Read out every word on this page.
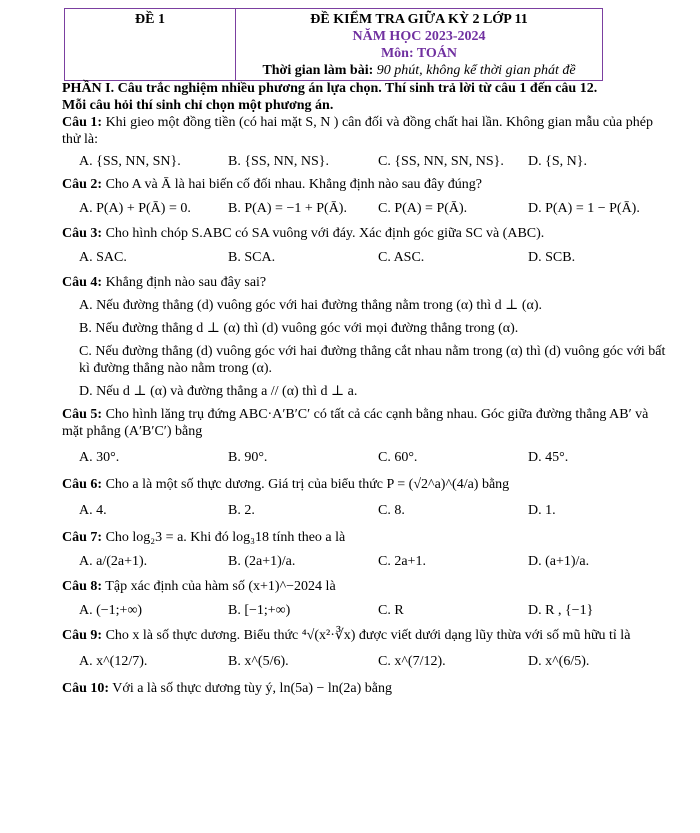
ĐỀ 1	ĐỀ KIỂM TRA GIỮA KỲ 2 LỚP 11
NĂM HỌC 2023-2024
Môn: TOÁN
Thời gian làm bài: 90 phút, không kể thời gian phát đề

PHẦN I. Câu trắc nghiệm nhiều phương án lựa chọn. Thí sinh trả lời từ câu 1 đến câu 12.

Mỗi câu hỏi thí sinh chỉ chọn một phương án.

Câu 1: Khi gieo một đồng tiền (có hai mặt S, N ) cân đối và đồng chất hai lần. Không gian mẫu của phép thử là:

A. {SS, NN, SN}.	B. {SS, NN, NS}.	C. {SS, NN, SN, NS}. D. {S, N}.

Câu 2: Cho A và Ā là hai biến cố đối nhau. Khẳng định nào sau đây đúng?

A. P(A) + P(Ā) = 0.	B. P(A) = −1 + P(Ā). C. P(A) = P(Ā).	D. P(A) = 1 − P(Ā).

Câu 3: Cho hình chóp S.ABC có SA vuông với đáy. Xác định góc giữa SC và (ABC).

A. SAC.	B. SCA.	C. ASC.	D. SCB.

Câu 4: Khẳng định nào sau đây sai?

A. Nếu đường thẳng (d) vuông góc với hai đường thẳng nằm trong (α) thì d ⊥ (α).

B. Nếu đường thẳng d ⊥ (α) thì (d) vuông góc với mọi đường thẳng trong (α).

C. Nếu đường thẳng (d) vuông góc với hai đường thẳng cắt nhau nằm trong (α) thì (d) vuông góc với bất kì đường thẳng nào nằm trong (α).

D. Nếu d ⊥ (α) và đường thẳng a // (α) thì d ⊥ a.

Câu 5: Cho hình lăng trụ đứng ABC·A′B′C′ có tất cả các cạnh bằng nhau. Góc giữa đường thẳng AB′ và mặt phẳng (A′B′C′) bằng

A. 30°.	B. 90°.	C. 60°.	D. 45°.

Câu 6: Cho a là một số thực dương. Giá trị của biểu thức P = (√2^a)^(4/a) bằng

A. 4.	B. 2.	C. 8.	D. 1.

Câu 7: Cho log₂3 = a. Khi đó log₃18 tính theo a là

A. a/(2a+1).	B. (2a+1)/a.	C. 2a+1.	D. (a+1)/a.

Câu 8: Tập xác định của hàm số (x+1)^−2024 là

A. (−1;+∞)	B. [−1;+∞)	C. R	D. R , {−1}

Câu 9: Cho x là số thực dương. Biểu thức ⁴√(x²·∛x) được viết dưới dạng lũy thừa với số mũ hữu tỉ là

A. x^(12/7).	B. x^(5/6).	C. x^(7/12).	D. x^(6/5).

Câu 10: Với a là số thực dương tùy ý, ln(5a) − ln(2a) bằng
